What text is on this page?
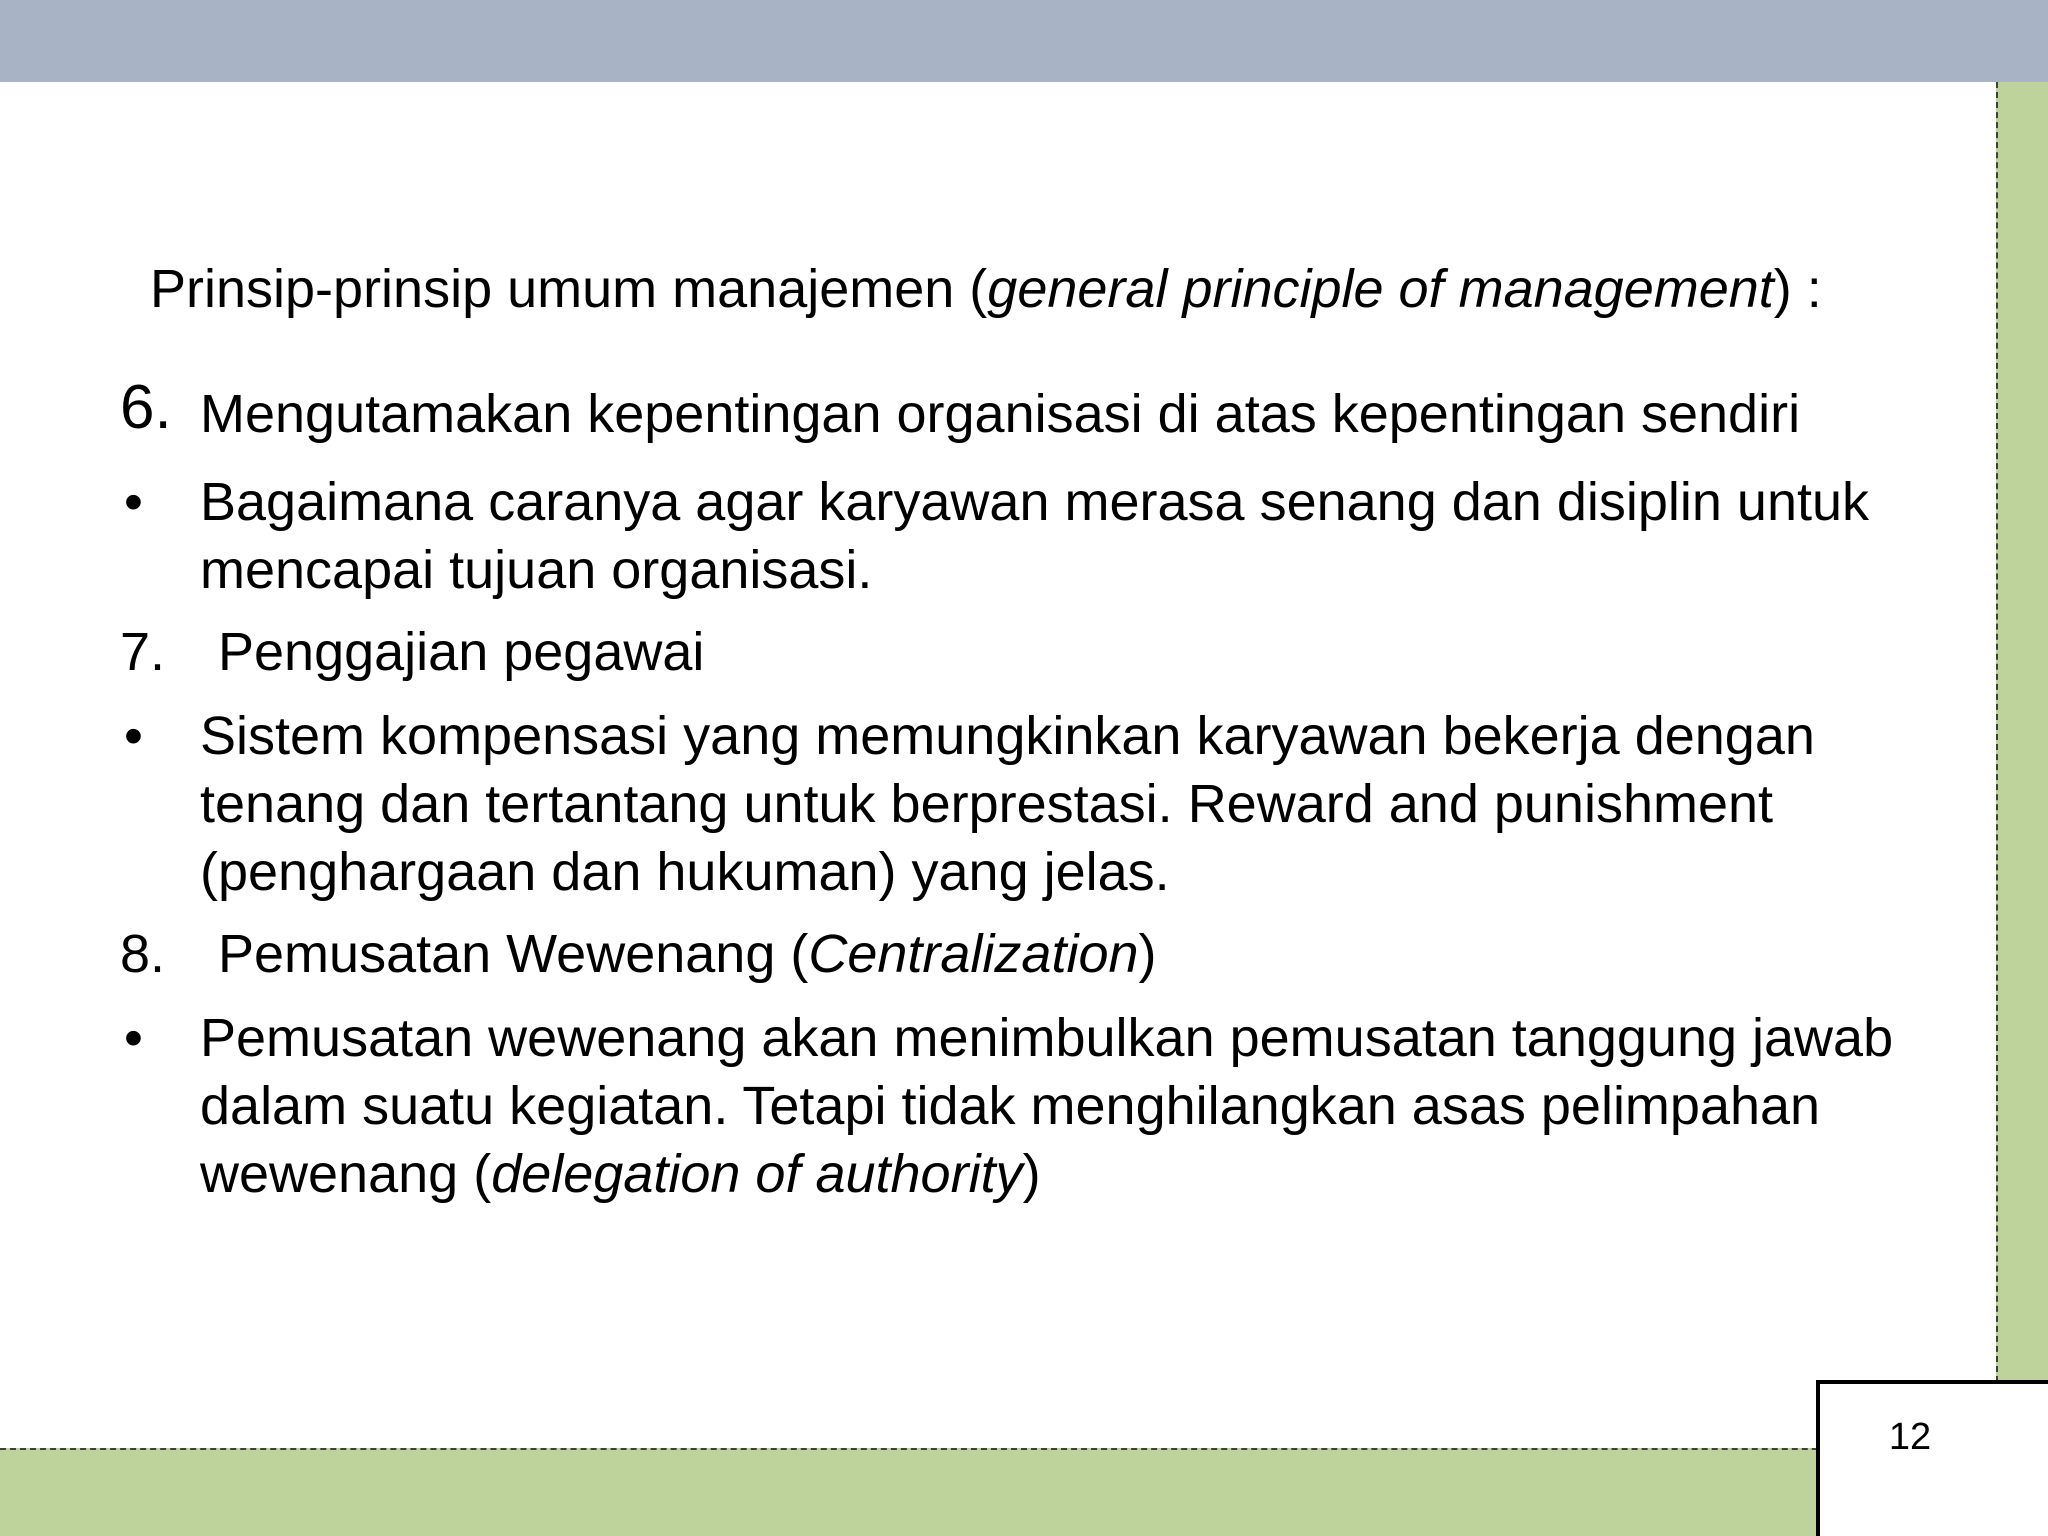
12
Prinsip-prinsip umum manajemen (general principle of management) :
6. Mengutamakan kepentingan organisasi di atas kepentingan sendiri
• Bagaimana caranya agar karyawan merasa senang dan disiplin untuk mencapai tujuan organisasi.
7. Penggajian pegawai
• Sistem kompensasi yang memungkinkan karyawan bekerja dengan tenang dan tertantang untuk berprestasi. Reward and punishment (penghargaan dan hukuman) yang jelas.
8. Pemusatan Wewenang (Centralization)
• Pemusatan wewenang akan menimbulkan pemusatan tanggung jawab dalam suatu kegiatan. Tetapi tidak menghilangkan asas pelimpahan wewenang (delegation of authority)
